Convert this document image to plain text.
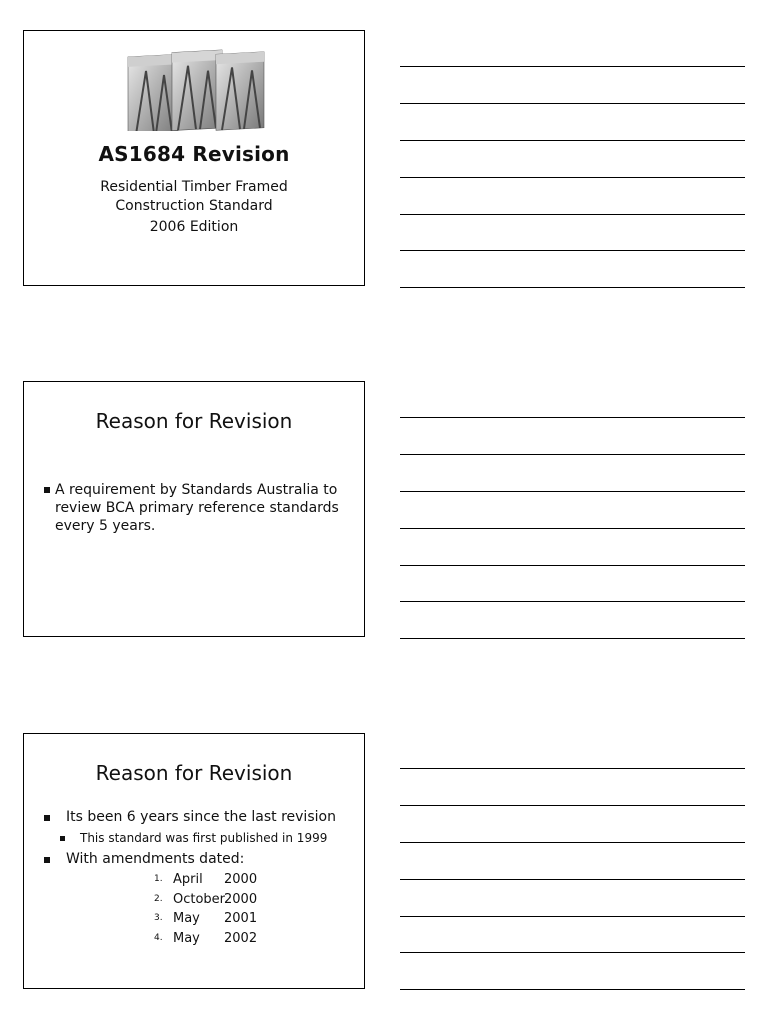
AS1684 Revision
Residential Timber Framed
Construction Standard
2006 Edition
Reason for Revision
A requirement by Standards Australia to review BCA primary reference standards every 5 years.
Reason for Revision
Its been 6 years since the last revision
This standard was first published in 1999
With amendments dated:
1. April 2000
2. October
2000
3. May 2001
4. May 2002
